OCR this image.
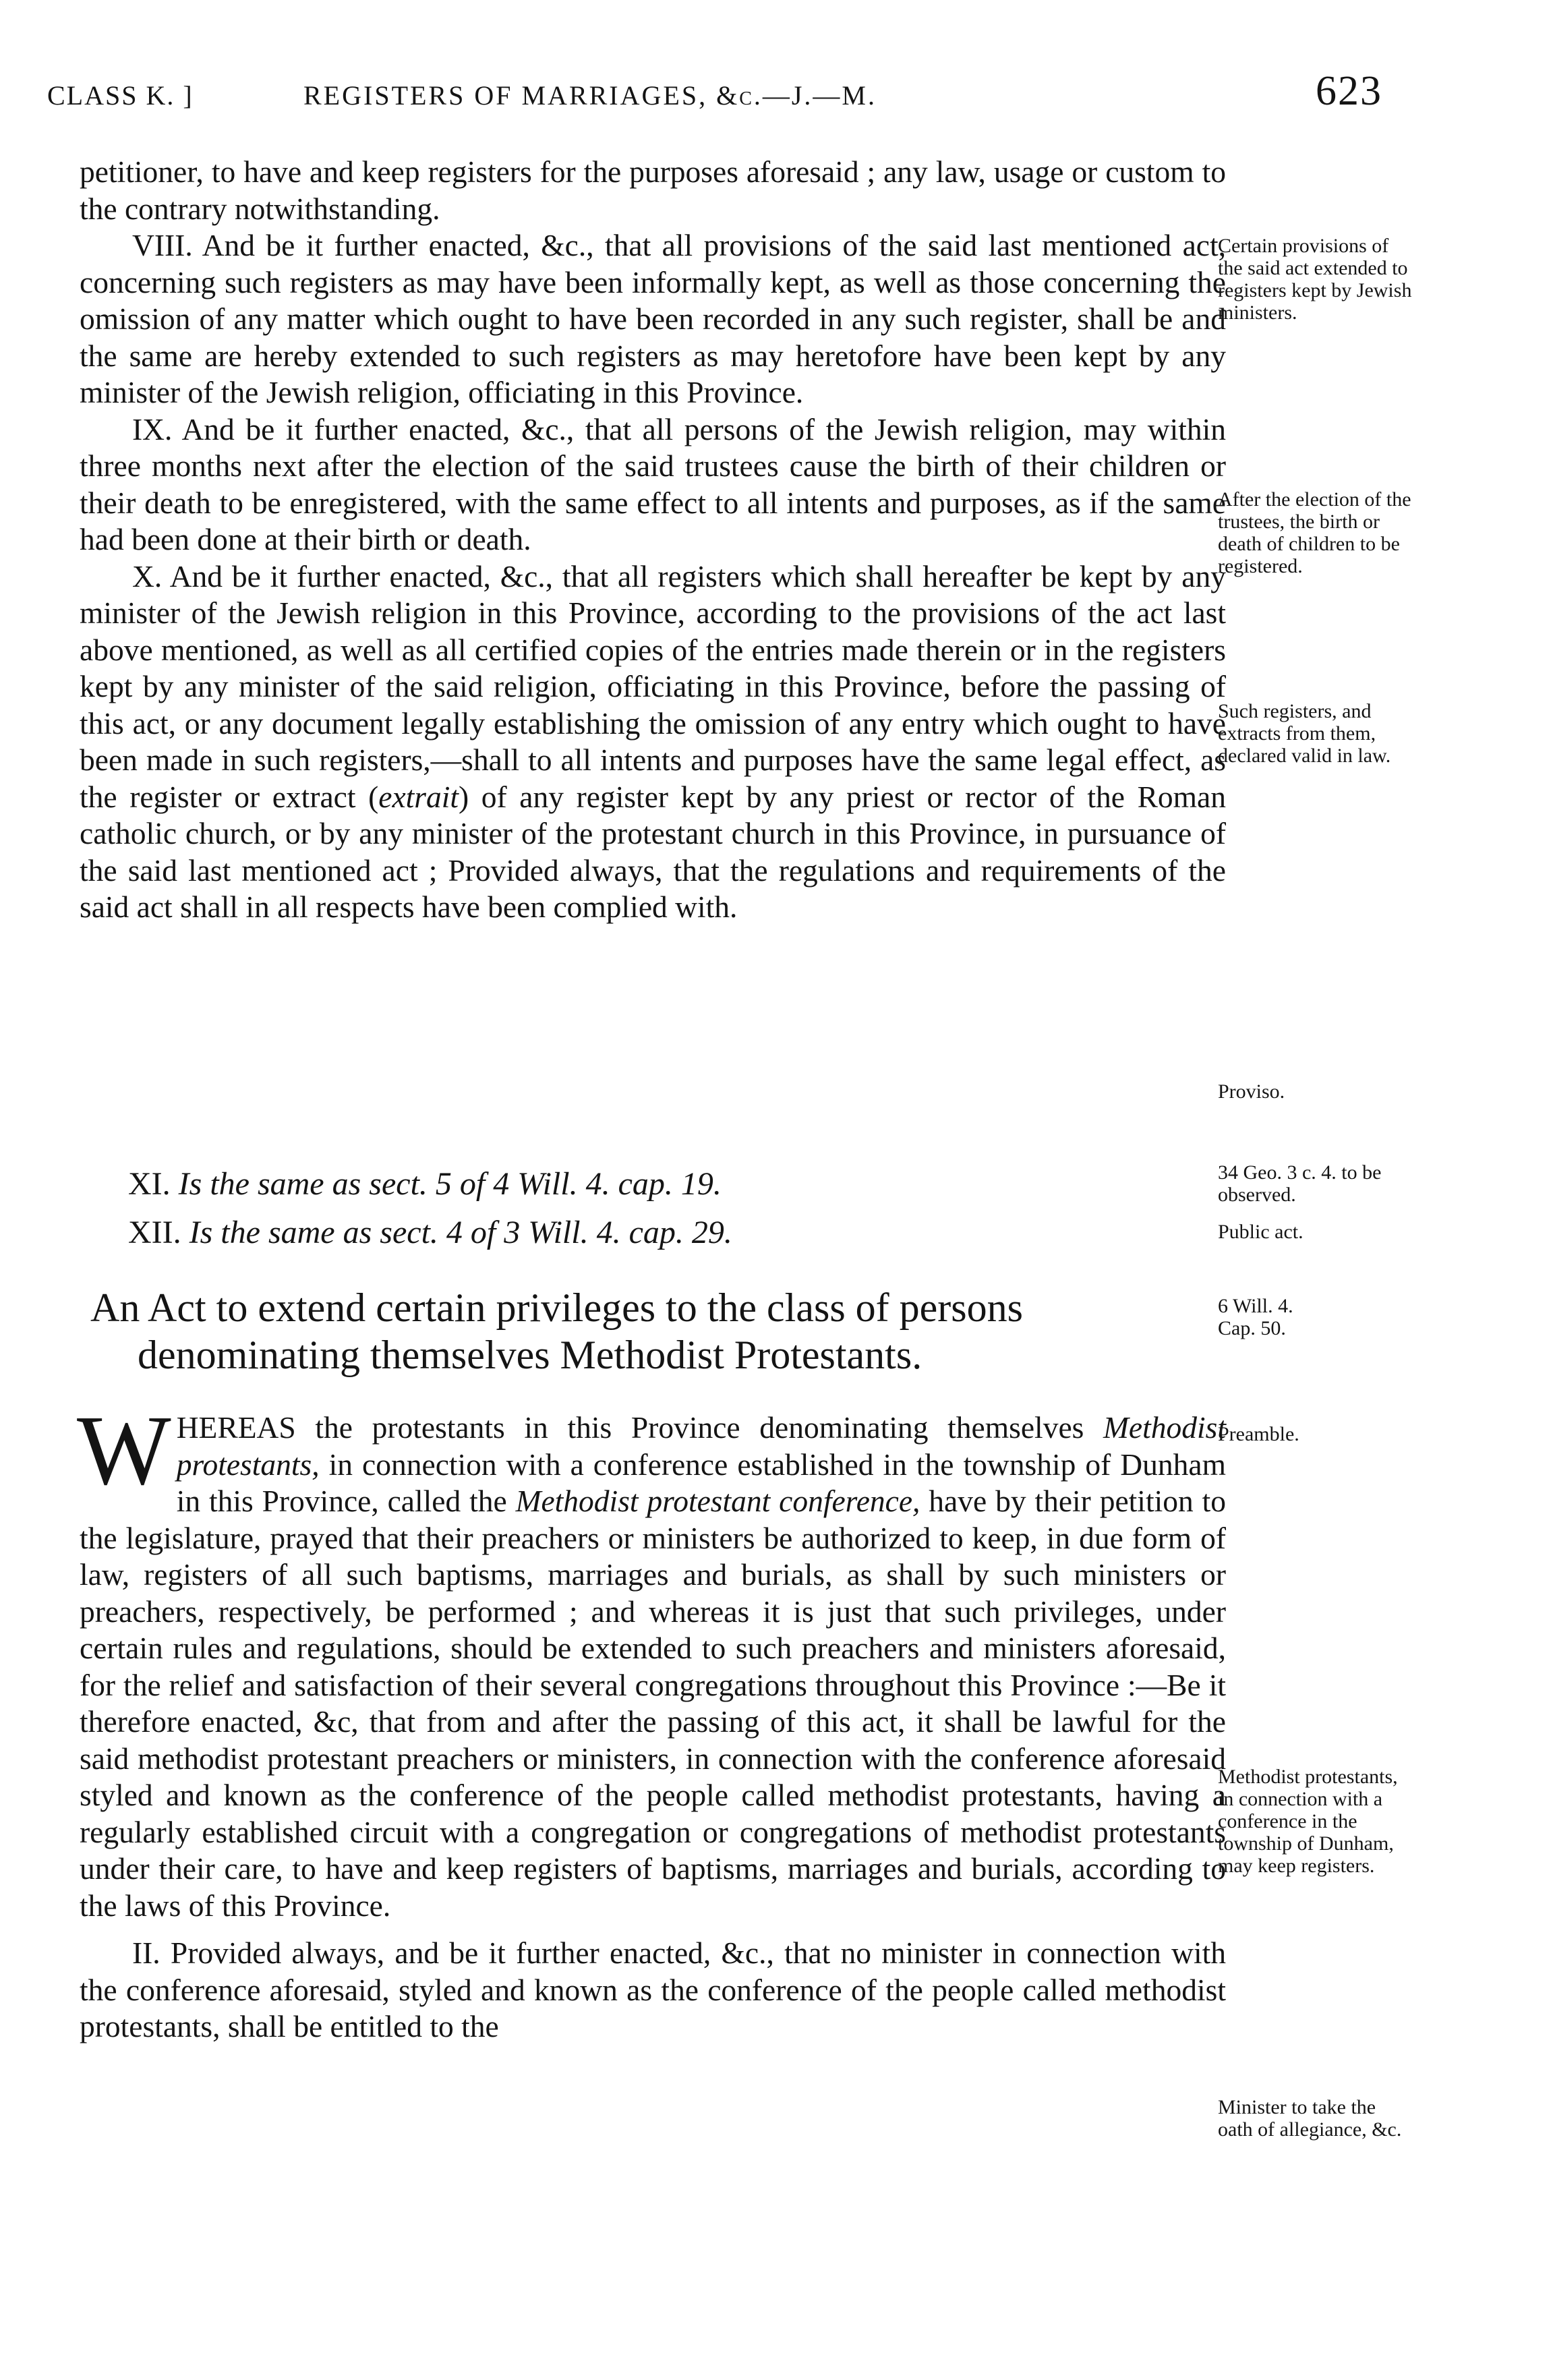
CLASS K. ]	REGISTERS OF MARRIAGES, &c.—J.—M.	623

petitioner, to have and keep registers for the purposes aforesaid ; any law, usage or custom to the contrary notwithstanding.

VIII. And be it further enacted, &c., that all provisions of the said last mentioned act, concerning such registers as may have been informally kept, as well as those concerning the omission of any matter which ought to have been recorded in any such register, shall be and the same are hereby extended to such registers as may heretofore have been kept by any minister of the Jewish religion, officiating in this Province.

IX. And be it further enacted, &c., that all persons of the Jewish religion, may within three months next after the election of the said trustees cause the birth of their children or their death to be enregistered, with the same effect to all intents and purposes, as if the same had been done at their birth or death.

X. And be it further enacted, &c., that all registers which shall hereafter be kept by any minister of the Jewish religion in this Province, according to the provisions of the act last above mentioned, as well as all certified copies of the entries made therein or in the registers kept by any minister of the said religion, officiating in this Province, before the passing of this act, or any document legally establishing the omission of any entry which ought to have been made in such registers,—shall to all intents and purposes have the same legal effect, as the register or extract (extrait) of any register kept by any priest or rector of the Roman catholic church, or by any minister of the protestant church in this Province, in pursuance of the said last mentioned act ; Provided always, that the regulations and requirements of the said act shall in all respects have been complied with.

XI. Is the same as sect. 5 of 4 Will. 4. cap. 19.
XII. Is the same as sect. 4 of 3 Will. 4. cap. 29.
An Act to extend certain privileges to the class of persons
denominating themselves Methodist Protestants.

WHEREAS the protestants in this Province denominating themselves Methodist protestants, in connection with a conference established in the township of Dunham in this Province, called the Methodist protestant conference, have by their petition to the legislature, prayed that their preachers or ministers be authorized to keep, in due form of law, registers of all such baptisms, marriages and burials, as shall by such ministers or preachers, respectively, be performed ; and whereas it is just that such privileges, under certain rules and regulations, should be extended to such preachers and ministers aforesaid, for the relief and satisfaction of their several congregations throughout this Province :—Be it therefore enacted, &c, that from and after the passing of this act, it shall be lawful for the said methodist protestant preachers or ministers, in connection with the conference aforesaid styled and known as the conference of the people called methodist protestants, having a regularly established circuit with a congregation or congregations of methodist protestants under their care, to have and keep registers of baptisms, marriages and burials, according to the laws of this Province.

II. Provided always, and be it further enacted, &c., that no minister in connection with the conference aforesaid, styled and known as the conference of the people called methodist protestants, shall be entitled to the

Certain provisions of the said act extended to registers kept by Jewish ministers.
After the election of the trustees, the birth or death of children to be registered.
Such registers, and extracts from them, declared valid in law.
Proviso.
34 Geo. 3 c. 4. to be observed.
Public act.
6 Will. 4. Cap. 50.
Preamble.
Methodist protestants, in connection with a conference in the township of Dunham, may keep registers.
Minister to take the oath of allegiance, &c.
